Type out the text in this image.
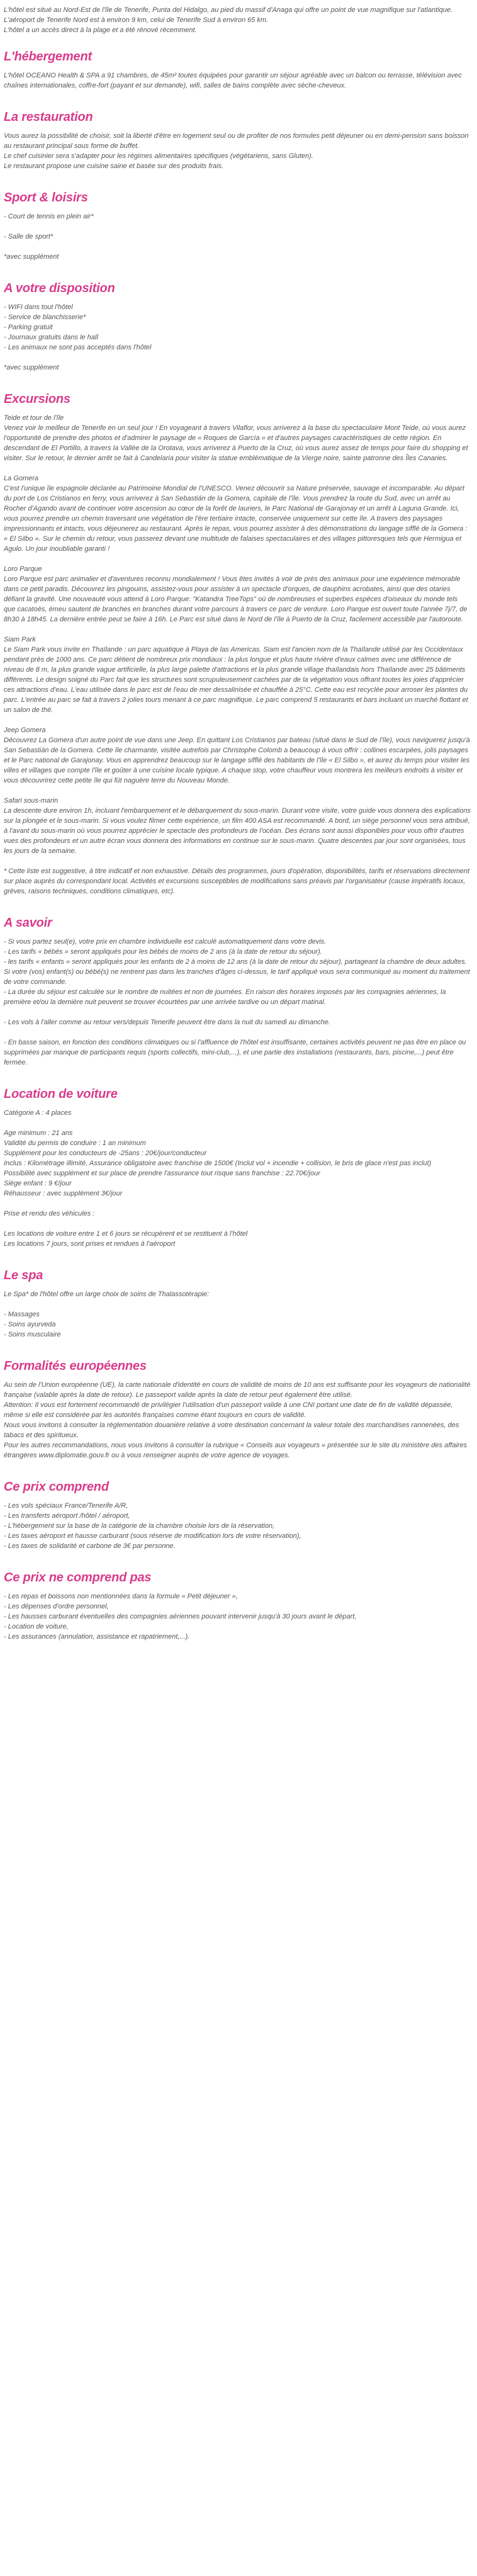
L'hôtel est situé au Nord-Est de l'île de Tenerife, Punta del Hidalgo, au pied du massif d'Anaga qui offre un point de vue magnifique sur l'atlantique.

L'aéroport de Tenerife Nord est à environ 9 km, celui de Tenerife Sud à environ 65 km.

L'hôtel a un accès direct à la plage et a été rénové récemment.

L'hébergement

L'hôtel OCEANO Health & SPA a 91 chambres, de 45m² toutes équipées pour garantir un séjour agréable avec un balcon ou terrasse, télévision avec chaînes internationales, coffre-fort (payant et sur demande), wifi, salles de bains complète avec sèche-cheveux.

La restauration

Vous aurez la possibilité de choisir, soit la liberté d'être en logement seul ou de profiter de nos formules petit déjeuner ou en demi-pension sans boisson au restaurant principal sous forme de buffet.

Le chef cuisinier sera s'adapter pour les régimes alimentaires spécifiques (végétariens, sans Gluten).

Le restaurant propose une cuisine saine et basée sur des produits frais.

Sport & loisirs

- Court de tennis en plein air*

- Salle de sport*

*avec supplément

A votre disposition

- WIFI dans tout l'hôtel

- Service de blanchisserie*

- Parking gratuit

- Journaux gratuits dans le hall

- Les animaux ne sont pas acceptés dans l'hôtel

*avec supplément

Excursions

Teide et tour de l'île

Venez voir le meilleur de Tenerife en un seul jour ! En voyageant à travers Vilaflor, vous arriverez à la base du spectaculaire Mont Teide, où vous aurez l'opportunité de prendre des photos et d'admirer le paysage de « Roques de García » et d'autres paysages caractéristiques de cette région. En descendant de El Portillo, à travers la Vallée de la Orotava, vous arriverez à Puerto de la Cruz, où vous aurez assez de temps pour faire du shopping et visiter. Sur le retour, le dernier arrêt se fait à Candelaria pour visiter la statue emblématique de la Vierge noire, sainte patronne des Îles Canaries.

La Gomera

C'est l'unique île espagnole déclarée au Patrimoine Mondial de l'UNESCO. Venez découvrir sa Nature préservée, sauvage et incomparable. Au départ du port de Los Cristianos en ferry, vous arriverez à San Sebastián de la Gomera, capitale de l'île. Vous prendrez la route du Sud, avec un arrêt au Rocher d'Agando avant de continuer votre ascension au cœur de la forêt de lauriers, le Parc National de Garajonay et un arrêt à Laguna Grande. Ici, vous pourrez prendre un chemin traversant une végétation de l'ère tertiaire intacte, conservée uniquement sur cette île. A travers des paysages impressionnants et intacts, vous déjeunerez au restaurant. Après le repas, vous pourrez assister à des démonstrations du langage sifflé de la Gomera : « El Silbo ». Sur le chemin du retour, vous passerez devant une multitude de falaises spectaculaires et des villages pittoresques tels que Hermigua et Agulo. Un jour inoubliable garanti !

Loro Parque

Loro Parque est parc animalier et d'aventures reconnu mondialement ! Vous êtes invités à voir de près des animaux pour une expérience mémorable dans ce petit paradis. Découvrez les pingouins, assistez-vous pour assister à un spectacle d'orques, de dauphins acrobates, ainsi que des otaries défiant la gravité. Une nouveauté vous attend à Loro Parque: "Katandra TreeTops" où de nombreuses et superbes espèces d'oiseaux du monde tels que cacatoès, émeu sautent de branches en branches durant votre parcours à travers ce parc de verdure. Loro Parque est ouvert toute l'année 7j/7, de 8h30 à 18h45. La dernière entrée peut se faire à 16h. Le Parc est situé dans le Nord de l'île à Puerto de la Cruz, facilement accessible par l'autoroute.

Siam Park

Le Siam Park vous invite en Thaïlande : un parc aquatique à Playa de las Americas. Siam est l'ancien nom de la Thaïlande utilisé par les Occidentaux pendant près de 1000 ans. Ce parc détient de nombreux prix mondiaux : la plus longue et plus haute rivière d'eaux calmes avec une différence de niveau de 8 m, la plus grande vague artificielle, la plus large palette d'attractions et la plus grande village thaïlandais hors Thaïlande avec 25 bâtiments différents. Le design soigné du Parc fait que les structures sont scrupuleusement cachées par de la végétation vous offrant toutes les joies d'apprécier ces attractions d'eau. L'eau utilisée dans le parc est de l'eau de mer dessalinisée et chauffée à 25°C. Cette eau est recyclée pour arroser les plantes du parc. L'entrée au parc se fait à travers 2 jolies tours menant à ce parc magnifique. Le parc comprend 5 restaurants et bars incluant un marché flottant et un salon de thé.

Jeep Gomera

Découvrez La Gomera d'un autre point de vue dans une Jeep. En quittant Los Cristianos par bateau (situé dans le Sud de l'île), vous naviguerez jusqu'à San Sebastián de la Gomera. Cette île charmante, visitée autrefois par Christophe Colomb a beaucoup à vous offrir : collines escarpées, jolis paysages et le Parc national de Garajonay. Vous en apprendrez beaucoup sur le langage sifflé des habitants de l'île « El Silbo », et aurez du temps pour visiter les villes et villages que compte l'île et goûter à une cuisine locale typique. A chaque stop, votre chauffeur vous montrera les meilleurs endroits à visiter et vous découvrirez cette petite île qui fût naguère terre du Nouveau Monde.

Safari sous-marin

La descente dure environ 1h, incluant l'embarquement et le débarquement du sous-marin. Durant votre visite, votre guide vous donnera des explications sur la plongée et le sous-marin. Si vous voulez filmer cette expérience, un film 400 ASA est recommandé. A bord, un siège personnel vous sera attribué, à l'avant du sous-marin où vous pourrez apprécier le spectacle des profondeurs de l'océan. Des écrans sont aussi disponibles pour vous offrir d'autres vues des profondeurs et un autre écran vous donnera des informations en continue sur le sous-marin. Quatre descentes par jour sont organisées, tous les jours de la semaine.

* Cette liste est suggestive, à titre indicatif et non exhaustive. Détails des programmes, jours d'opération, disponibilités, tarifs et réservations directement sur place auprès du correspondant local. Activités et excursions susceptibles de modifications sans préavis par l'organisateur (cause impératifs locaux, grèves, raisons techniques, conditions climatiques, etc).

A savoir

- Si vous partez seul(e), votre prix en chambre individuelle est calculé automatiquement dans votre devis.

- Les tarifs « bébés » seront appliqués pour les bébés de moins de 2 ans (à la date de retour du séjour).

- les tarifs « enfants » seront appliqués pour les enfants de 2 à moins de 12 ans (à la date de retour du séjour), partageant la chambre de deux adultes. Si votre (vos) enfant(s) ou bébé(s) ne rentrent pas dans les tranches d'âges ci-dessus, le tarif appliqué vous sera communiqué au moment du traitement de votre commande.

- La durée du séjour est calculée sur le nombre de nuitées et non de journées. En raison des horaires imposés par les compagnies aériennes, la première et/ou la dernière nuit peuvent se trouver écourtées par une arrivée tardive ou un départ matinal.

- Les vols à l'aller comme au retour vers/depuis Tenerife peuvent être dans la nuit du samedi au dimanche.

- En basse saison, en fonction des conditions climatiques ou si l'affluence de l'hôtel est insuffisante, certaines activités peuvent ne pas être en place ou supprimées par manque de participants requis (sports collectifs, mini-club,...), et une partie des installations (restaurants, bars, piscine,...) peut être fermée.

Location de voiture

Catégorie A : 4 places

Age minimum : 21 ans

Validité du permis de conduire : 1 an minimum

Supplément pour les conducteurs de -25ans : 20€/jour/conducteur

Inclus : Kilométrage illimité, Assurance obligatoire avec franchise de 1500€ (Inclut vol + incendie + collision, le bris de glace n'est pas inclut)

Possibilité avec supplément et sur place de prendre l'assurance tout risque sans franchise : 22.70€/jour

Siège enfant : 9 €/jour

Réhausseur : avec supplément 3€/jour

Prise et rendu des véhicules :

Les locations de voiture entre 1 et 6 jours se récupèrent et se restituent à l'hôtel

Les locations 7 jours, sont prises et rendues à l'aéroport

Le spa

Le Spa* de l'hôtel offre un large choix de soins de Thalassotérapie:

- Massages

- Soins ayurveda

- Soins musculaire

Formalités européennes

Au sein de l'Union européenne (UE), la carte nationale d'identité en cours de validité de moins de 10 ans est suffisante pour les voyageurs de nationalité française (valable après la date de retour). Le passeport valide après la date de retour peut également être utilisé.

Attention: Il vous est fortement recommandé de privilégier l'utilisation d'un passeport valide à une CNI portant une date de fin de validité dépassée, même si elle est considérée par les autorités françaises comme étant toujours en cours de validité.

Nous vous invitons à consulter la réglementation douanière relative à votre destination concernant la valeur totale des marchandises rannenées, des tabacs et des spiritueux.

Pour les autres recommandations, nous vous invitons à consulter la rubrique « Conseils aux voyageurs » présentée sur le site du ministère des affaires étrangères www.diplomatie.gouv.fr ou à vous renseigner auprès de votre agence de voyages.

Ce prix comprend

- Les vols spéciaux France/Tenerife A/R,

- Les transferts aéroport /hôtel / aéroport,

- L'hébergement sur la base de la catégorie de la chambre choisie lors de la réservation,

- Les taxes aéroport et hausse carburant (sous réserve de modification lors de votre réservation),

- Les taxes de solidarité et carbone de 3€ par personne.

Ce prix ne comprend pas

- Les repas et boissons non mentionnées dans la formule « Petit déjeuner »,

- Les dépenses d'ordre personnel,

- Les hausses carburant éventuelles des compagnies aériennes pouvant intervenir jusqu'à 30 jours avant le départ,

- Location de voiture,

- Les assurances (annulation, assistance et rapatriement,...).
